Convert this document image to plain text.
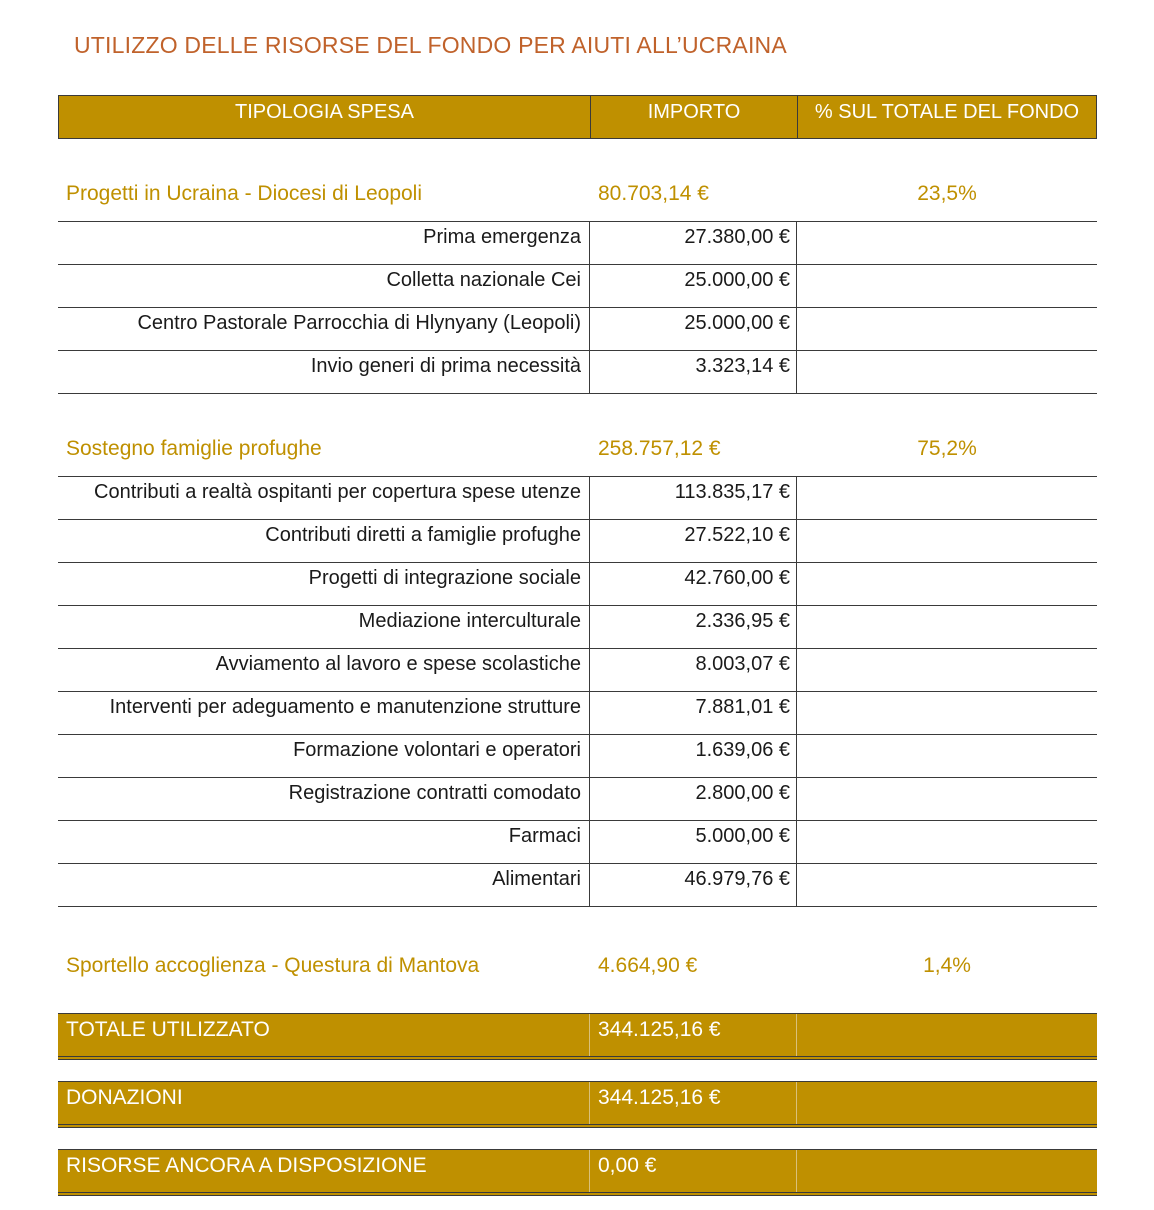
UTILIZZO DELLE RISORSE DEL FONDO PER AIUTI ALL’UCRAINA
TIPOLOGIA SPESA	IMPORTO	% SUL TOTALE DEL FONDO
Progetti in Ucraina - Diocesi di Leopoli	80.703,14 €	23,5%
Prima emergenza	27.380,00 €
Colletta nazionale Cei	25.000,00 €
Centro Pastorale Parrocchia di Hlynyany (Leopoli)	25.000,00 €
Invio generi di prima necessità	3.323,14 €
Sostegno famiglie profughe	258.757,12 €	75,2%
Contributi a realtà ospitanti per copertura spese utenze	113.835,17 €
Contributi diretti a famiglie profughe	27.522,10 €
Progetti di integrazione sociale	42.760,00 €
Mediazione interculturale	2.336,95 €
Avviamento al lavoro e spese scolastiche	8.003,07 €
Interventi per adeguamento e manutenzione strutture	7.881,01 €
Formazione volontari e operatori	1.639,06 €
Registrazione contratti comodato	2.800,00 €
Farmaci	5.000,00 €
Alimentari	46.979,76 €
Sportello accoglienza - Questura di Mantova	4.664,90 €	1,4%
TOTALE UTILIZZATO	344.125,16 €
DONAZIONI	344.125,16 €
RISORSE ANCORA A DISPOSIZIONE	0,00 €
